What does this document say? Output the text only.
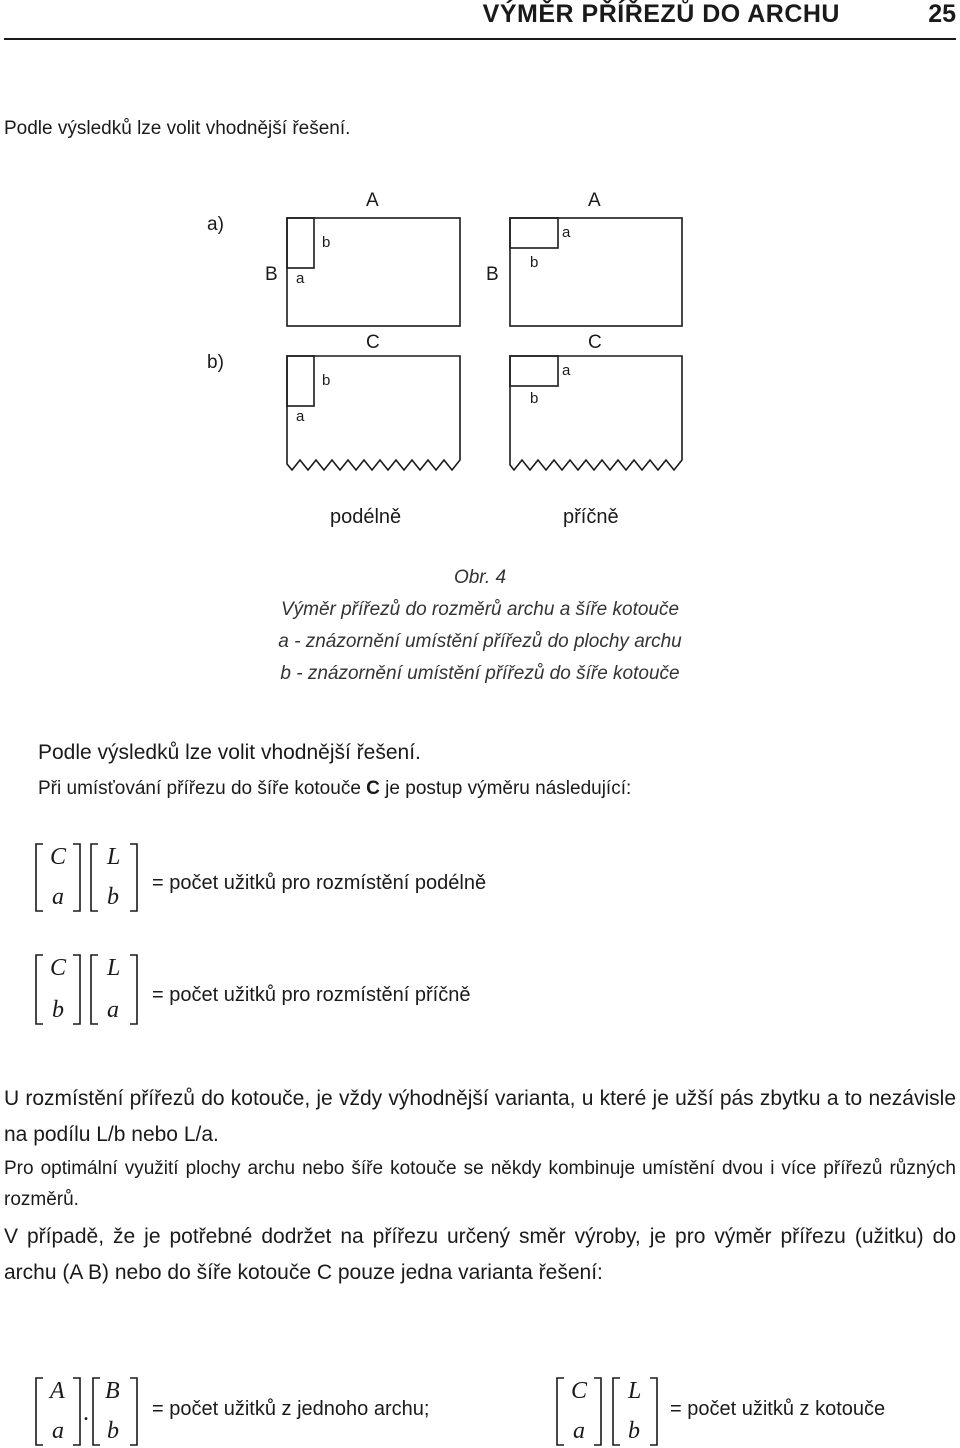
VÝMĚR PŘÍŘEZŮ DO ARCHU	25
Podle výsledků lze volit vhodnější řešení.
a)
b)
A	A
B	B
a
b
b
a
C	C
a
b
b
a
podélně	příčně
Obr. 4
Výměr přířezů do rozměrů archu a šíře kotouče
a - znázornění umístění přířezů do plochy archu
b - znázornění umístění přířezů do šíře kotouče
Podle výsledků lze volit vhodnější řešení.
Při umísťování přířezu do šíře kotouče C je postup výměru následující:
C
a
L
b
= počet užitků pro rozmístění podélně
C
b
L
a
= počet užitků pro rozmístění příčně
U rozmístění přířezů do kotouče, je vždy výhodnější varianta, u které je užší pás zbytku a to nezávisle na podílu L/b nebo L/a.
Pro optimální využití plochy archu nebo šíře kotouče se někdy kombinuje umístění dvou i více přířezů různých rozměrů.
V případě, že je potřebné dodržet na přířezu určený směr výroby, je pro výměr přířezu (užitku) do archu (A B) nebo do šíře kotouče C pouze jedna varianta řešení:
A
a
.
B
b
= počet užitků z jednoho archu;
C
a
L
b
= počet užitků z kotouče
